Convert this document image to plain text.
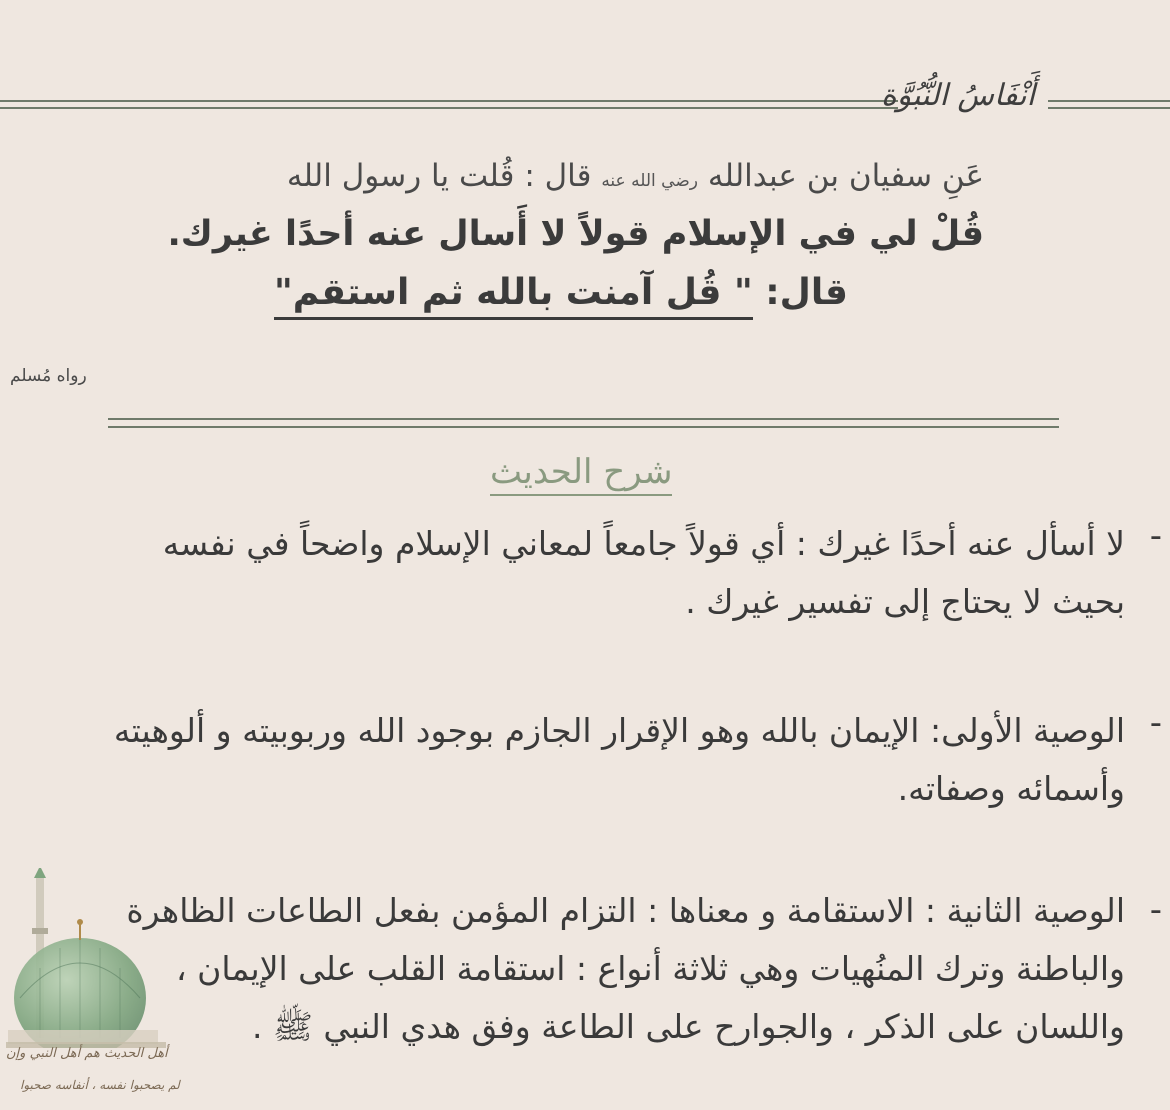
أَنْفَاسُ النُّبُوَّة
عَنِ سفيان بن عبدالله رضي الله عنه قال : قُلت يا رسول الله
قُلْ لي في الإسلام قولاً لا أَسال عنه أحدًا غيرك.
قال: " قُل آمنت بالله ثم استقم"
رواه مُسلم
شرح الحديث
-
لا أسأل عنه أحدًا غيرك : أي قولاً جامعاً لمعاني الإسلام واضحاً في نفسه
بحيث لا يحتاج إلى تفسير غيرك .
-
الوصية الأولى: الإيمان بالله وهو الإقرار الجازم بوجود الله وربوبيته و ألوهيته
وأسمائه وصفاته.
-
الوصية الثانية : الاستقامة و معناها : التزام المؤمن بفعل الطاعات الظاهرة
والباطنة وترك المنُهيات وهي ثلاثة أنواع : استقامة القلب على الإيمان ،
واللسان على الذكر ، والجوارح على الطاعة وفق هدي النبي ﷺ .
أهل الحديث هم أهل النبي وإن
لم يصحبوا نفسه ، أنفاسه صحبوا
